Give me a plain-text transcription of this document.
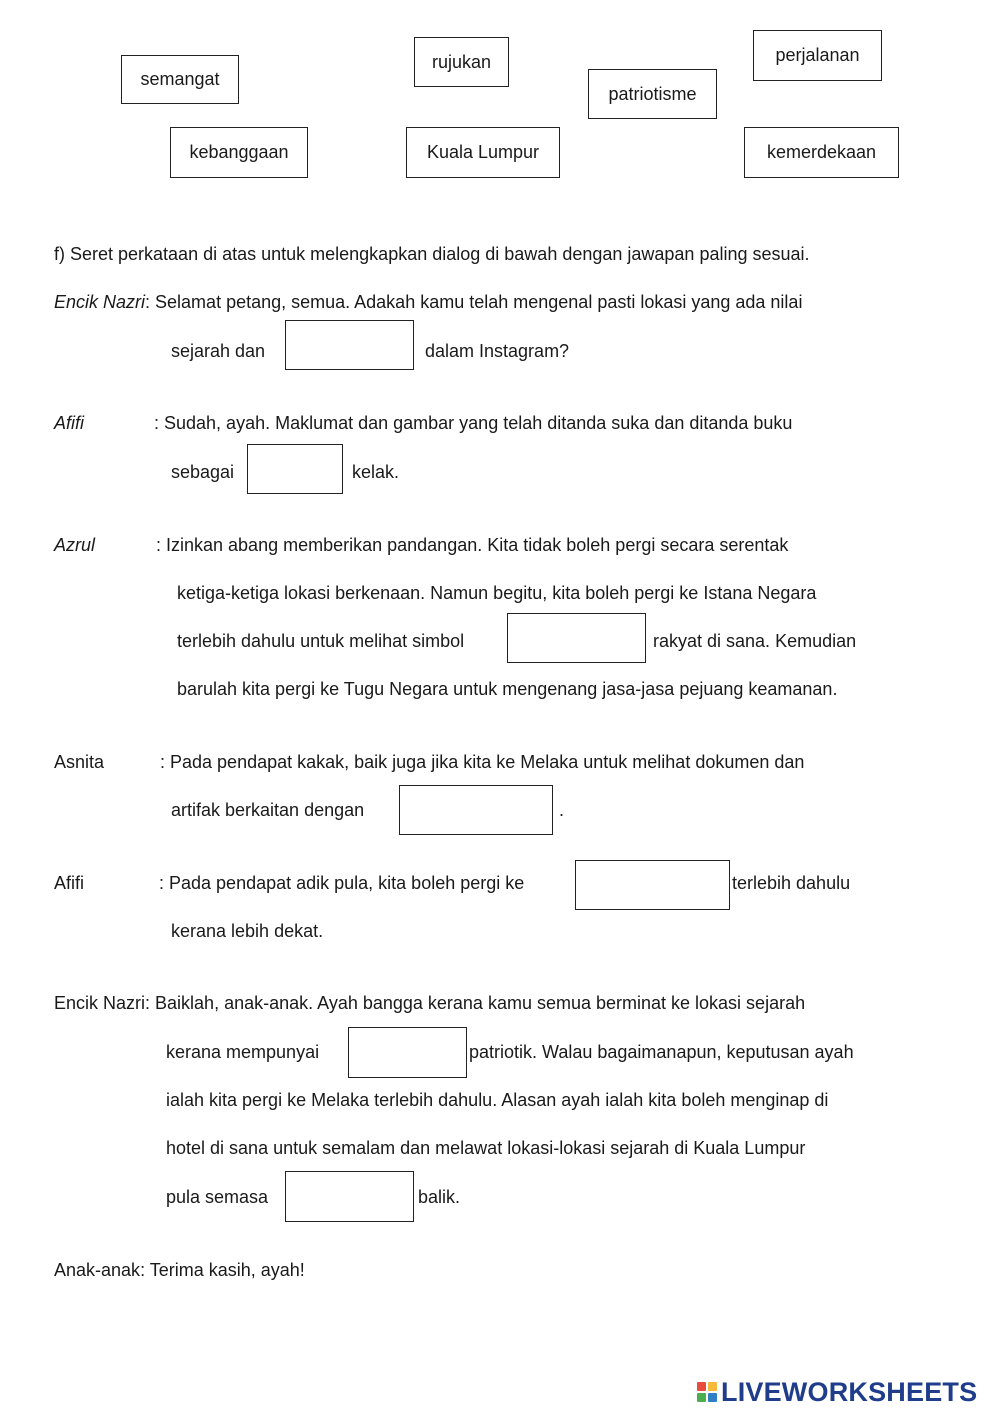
semangat
rujukan
patriotisme
perjalanan
kebanggaan	Kuala Lumpur	kemerdekaan
f) Seret perkataan di atas untuk melengkapkan dialog di bawah dengan jawapan paling sesuai.
Encik Nazri: Selamat petang, semua. Adakah kamu telah mengenal pasti lokasi yang ada nilai
sejarah dan	dalam Instagram?
Afifi	: Sudah, ayah. Maklumat dan gambar yang telah ditanda suka dan ditanda buku
sebagai	kelak.
Azrul	: Izinkan abang memberikan pandangan. Kita tidak boleh pergi secara serentak
ketiga-ketiga lokasi berkenaan. Namun begitu, kita boleh pergi ke Istana Negara
terlebih dahulu untuk melihat simbol	rakyat di sana. Kemudian
barulah kita pergi ke Tugu Negara untuk mengenang jasa-jasa pejuang keamanan.
Asnita	: Pada pendapat kakak, baik juga jika kita ke Melaka untuk melihat dokumen dan
artifak berkaitan dengan	.
Afifi	: Pada pendapat adik pula, kita boleh pergi ke	terlebih dahulu
kerana lebih dekat.
Encik Nazri: Baiklah, anak-anak. Ayah bangga kerana kamu semua berminat ke lokasi sejarah
kerana mempunyai	patriotik. Walau bagaimanapun, keputusan ayah
ialah kita pergi ke Melaka terlebih dahulu. Alasan ayah ialah kita boleh menginap di
hotel di sana untuk semalam dan melawat lokasi-lokasi sejarah di Kuala Lumpur
pula semasa	balik.
Anak-anak: Terima kasih, ayah!
LIVEWORKSHEETS
